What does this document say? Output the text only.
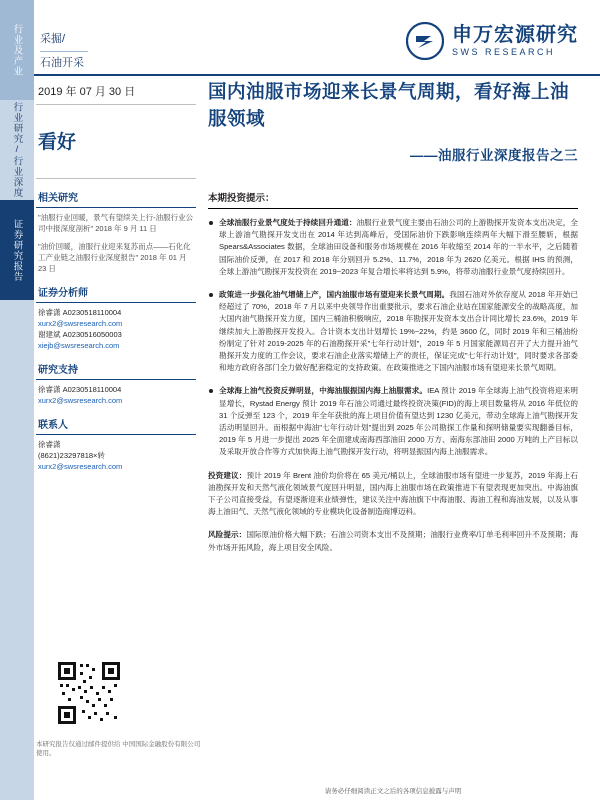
行业及产业
行业研究/行业深度
证券研究报告
采掘/
石油开采
申万宏源研究
SWS RESEARCH
2019 年 07 月 30 日
看好
相关研究
"油服行业回暖，景气有望续关上行-油服行业公司中报深度剖析" 2018 年 9 月 11 日
"油价回暖，油服行业迎来复苏而点——石化化工产业链之油服行业深度报告" 2018 年 01 月 23 日
证券分析师
徐睿潇 A0230518110004
xurx2@swsresearch.com
谢建斌 A0230516050003
xiejb@swsresearch.com
研究支持
徐睿潇 A0230518110004
xurx2@swsresearch.com
联系人
徐睿潇
(8621)23297818×转
xurx2@swsresearch.com
本研究报告仅通过邮件提供给 中国国际金融股份有限公司 使用。
国内油服市场迎来长景气周期，看好海上油服领域
——油服行业深度报告之三
本期投资提示：
全球油服行业景气度处于持续回升通道：油服行业景气度主要由石油公司的上游勘探开发资本支出决定，全球上游油气勘探开发支出在 2014 年达到高峰后，受国际油价下跌影响连续两年大幅下滑至腰斩，根据 Spears&Associates 数据，全球油田设备和服务市场规模在 2016 年收缩至 2014 年的一半水平，之后随着国际油价反弹，在 2017 和 2018 年分别回升 5.2%、11.7%，2018 年为 2620 亿美元。根据 IHS 的预测，全球上游油气勘探开发投资在 2019~2023 年复合增长率将达到 5.9%，将带动油服行业景气度持续回升。
政策进一步强化油气增储上产，国内油服市场有望迎来长景气周期。我国石油对外依存度从 2018 年开始已经超过了 70%，2018 年 7 月以来中央领导作出重要批示，要求石油企业站在国家能源安全的战略高度，加大国内油气勘探开发力度，国内三桶油积极响应，2018 年勘探开发资本支出合计同比增长 23.6%，2019 年继续加大上游勘探开发投入。合计资本支出计划增长 19%~22%，约是 3600 亿，同时 2019 年和三桶油纷纷制定了针对 2019-2025 年的石油勘探开采"七年行动计划"，2019 年 5 月国家能源局召开了大力提升油气勘探开发力度的工作会议，要求石油企业落实增储上产的责任，保证完成"七年行动计划"，同时要求各部委和地方政府各部门全力做好配套稳定的支持政策。在政策推进之下国内油服市场有望迎来长景气周期。
全球海上油气投资反弹明显，中海油服振国内海上油服需求。IEA 预计 2019 年全球海上油气投资将迎来明显增长，Rystad Energy 预计 2019 年石油公司通过最终投资决策(FID)的海上项目数量将从 2016 年低位的 31 个反弹至 123 个，2019 年全年获批的海上项目价值有望达到 1230 亿美元，带动全球海上油气勘探开发活动明显回升。而根据中海油"七年行动计划"提出到 2025 年公司勘探工作量和探明储量要实现翻番目标，2019 年 5 月进一步提出 2025 年全面建成南海西部油田 2000 万方、南海东部油田 2000 万吨的上产目标以及采取开放合作等方式加快海上油气勘探开发行动，将明显振国内海上油服需求。
投资建议：预计 2019 年 Brent 油价均价将在 65 美元/桶以上，全球油服市场有望进一步复苏，2019 年海上石油勘探开发和天然气液化领域景气度回升明显，国内海上油服市场在政策推进下有望表现更加突出。中海油旗下子公司直接受益，有望逐渐迎来业绩弹性，建议关注中海油旗下中海油服、海油工程和海油发展，以及从事海上油田气、天然气液化领域的专业模块化设备制造商博迈科。
风险提示：国际原油价格大幅下跌；石油公司资本支出不及预期；油服行业费率/订单毛利率回升不及预期；海外市场开拓风险，海上项目安全风险。
请务必仔细阅读正文之后的各项信息披露与声明
